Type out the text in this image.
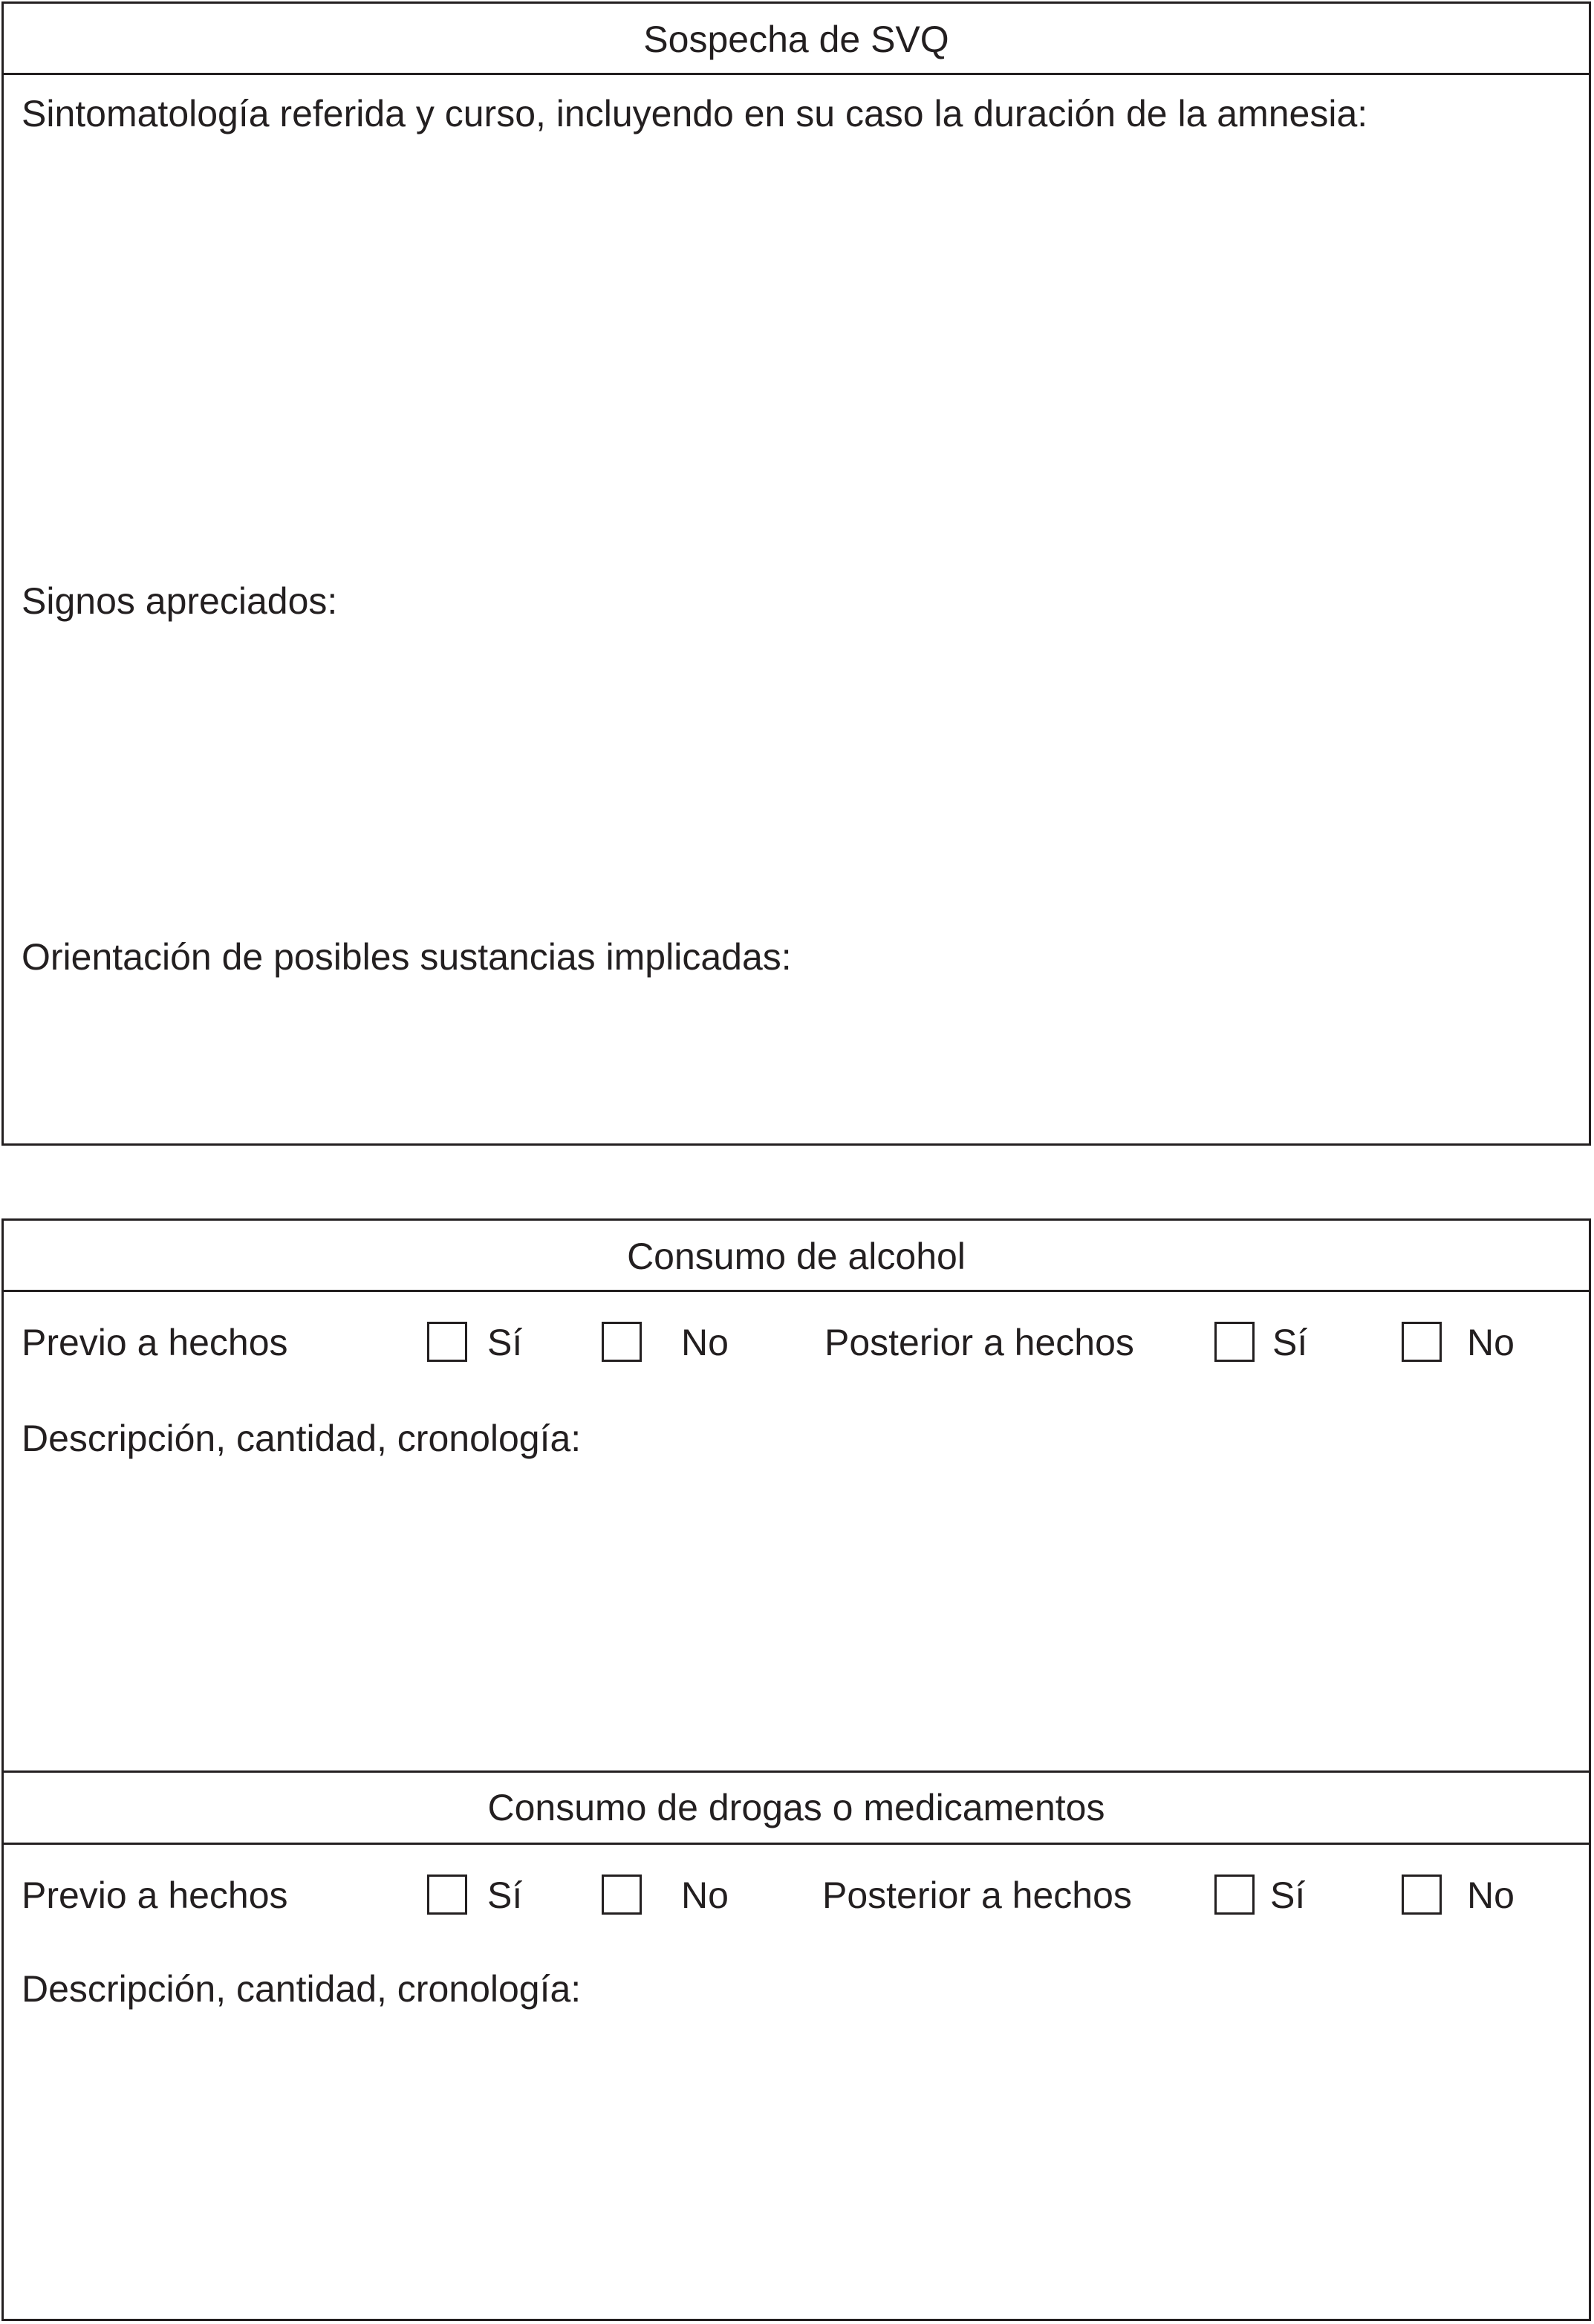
Sospecha de SVQ
Sintomatología referida y curso, incluyendo en su caso la duración de la amnesia:
Signos apreciados:
Orientación de posibles sustancias implicadas:
Consumo de alcohol
Previo a hechos	Sí	No	Posterior a hechos	Sí	No
Descripción, cantidad, cronología:
Consumo de drogas o medicamentos
Previo a hechos	Sí	No	Posterior a hechos	Sí	No
Descripción, cantidad, cronología:
